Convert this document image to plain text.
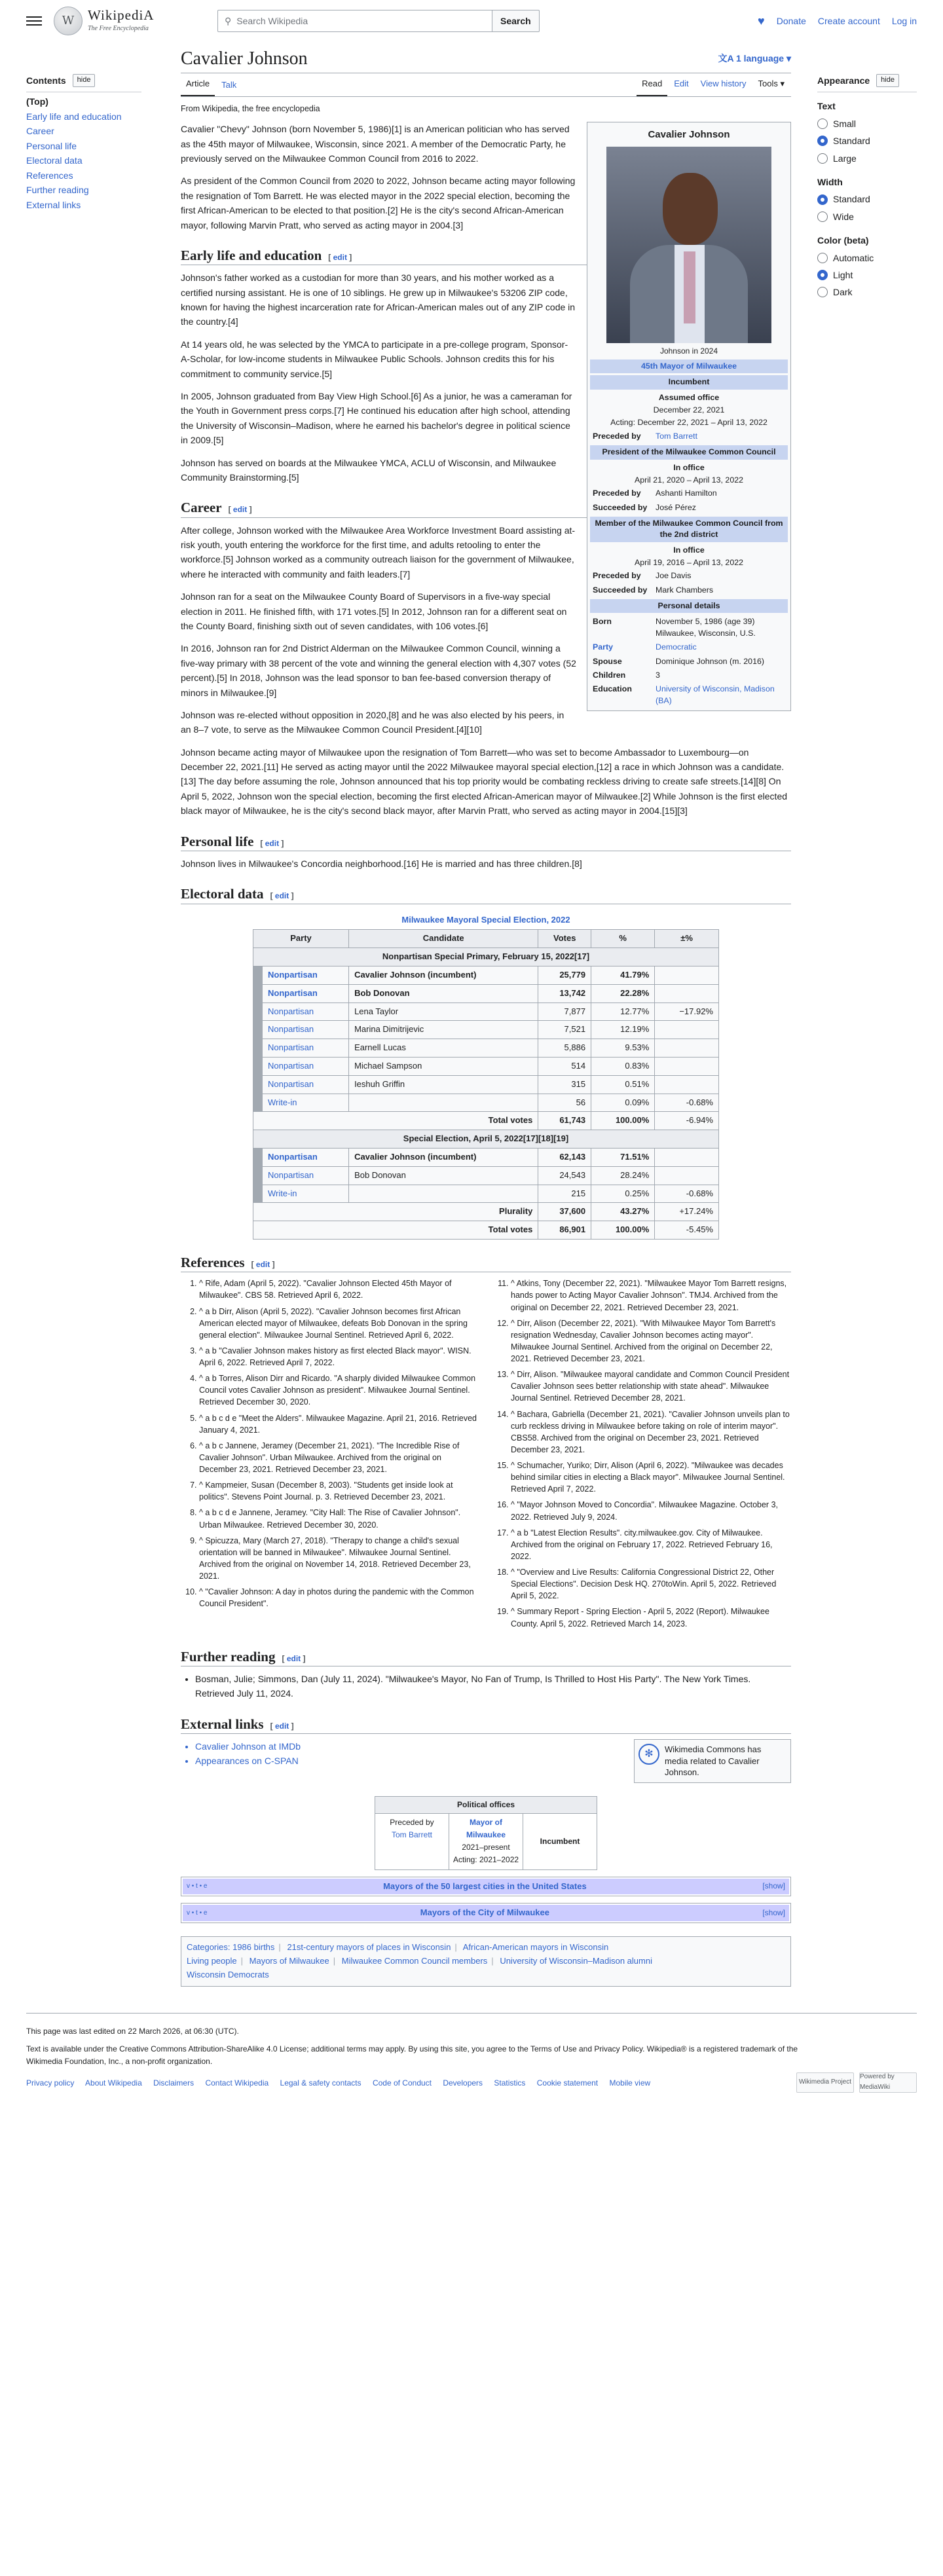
W WikipediA
The Free Encyclopedia
⚲ Search Wikipedia	Search	♥ Donate Create account Log in
Contents	hide
(Top)
Early life and education
Career
Personal life
Electoral data
References
Further reading
External links
Cavalier Johnson	文A 1 language ▾
Article	Talk	Read	Edit	View history	Tools ▾
From Wikipedia, the free encyclopedia
Cavalier Johnson
Johnson in 2024
45th Mayor of Milwaukee
Incumbent
Assumed office
December 22, 2021
Acting: December 22, 2021 – April 13, 2022
Preceded by	Tom Barrett
President of the Milwaukee Common Council
In office
April 21, 2020 – April 13, 2022
Preceded by	Ashanti Hamilton
Succeeded by	José Pérez
Member of the Milwaukee Common Council from the 2nd district
In office
April 19, 2016 – April 13, 2022
Preceded by	Joe Davis
Succeeded by	Mark Chambers
Personal details
Born	November 5, 1986 (age 39) Milwaukee, Wisconsin, U.S.
Party	Democratic
Spouse	Dominique Johnson (m. 2016)
Children	3
Education	University of Wisconsin, Madison (BA)

Cavalier "Chevy" Johnson (born November 5, 1986)[1] is an American politician who has served as the 45th mayor of Milwaukee, Wisconsin, since 2021. A member of the Democratic Party, he previously served on the Milwaukee Common Council from 2016 to 2022.

As president of the Common Council from 2020 to 2022, Johnson became acting mayor following the resignation of Tom Barrett. He was elected mayor in the 2022 special election, becoming the first African-American to be elected to that position.[2] He is the city's second African-American mayor, following Marvin Pratt, who served as acting mayor in 2004.[3]

Early life and education [ edit ]

Johnson's father worked as a custodian for more than 30 years, and his mother worked as a certified nursing assistant. He is one of 10 siblings. He grew up in Milwaukee's 53206 ZIP code, known for having the highest incarceration rate for African-American males out of any ZIP code in the country.[4]

At 14 years old, he was selected by the YMCA to participate in a pre-college program, Sponsor-A-Scholar, for low-income students in Milwaukee Public Schools. Johnson credits this for his commitment to community service.[5]

In 2005, Johnson graduated from Bay View High School.[6] As a junior, he was a cameraman for the Youth in Government press corps.[7] He continued his education after high school, attending the University of Wisconsin–Madison, where he earned his bachelor's degree in political science in 2009.[5]

Johnson has served on boards at the Milwaukee YMCA, ACLU of Wisconsin, and Milwaukee Community Brainstorming.[5]

Career [ edit ]

After college, Johnson worked with the Milwaukee Area Workforce Investment Board assisting at-risk youth, youth entering the workforce for the first time, and adults retooling to enter the workforce.[5] Johnson worked as a community outreach liaison for the government of Milwaukee, where he interacted with community and faith leaders.[7]

Johnson ran for a seat on the Milwaukee County Board of Supervisors in a five-way special election in 2011. He finished fifth, with 171 votes.[5] In 2012, Johnson ran for a different seat on the County Board, finishing sixth out of seven candidates, with 106 votes.[6]

In 2016, Johnson ran for 2nd District Alderman on the Milwaukee Common Council, winning a five-way primary with 38 percent of the vote and winning the general election with 4,307 votes (52 percent).[5] In 2018, Johnson was the lead sponsor to ban fee-based conversion therapy of minors in Milwaukee.[9]

Johnson was re-elected without opposition in 2020,[8] and he was also elected by his peers, in an 8–7 vote, to serve as the Milwaukee Common Council President.[4][10]

Johnson became acting mayor of Milwaukee upon the resignation of Tom Barrett—who was set to become Ambassador to Luxembourg—on December 22, 2021.[11] He served as acting mayor until the 2022 Milwaukee mayoral special election,[12] a race in which Johnson was a candidate.[13] The day before assuming the role, Johnson announced that his top priority would be combating reckless driving to create safe streets.[14][8] On April 5, 2022, Johnson won the special election, becoming the first elected African-American mayor of Milwaukee.[2] While Johnson is the first elected black mayor of Milwaukee, he is the city's second black mayor, after Marvin Pratt, who served as acting mayor in 2004.[15][3]

Personal life [ edit ]

Johnson lives in Milwaukee's Concordia neighborhood.[16] He is married and has three children.[8]

Electoral data [ edit ]
Milwaukee Mayoral Special Election, 2022
Party		Candidate	Votes	%	±%
Nonpartisan Special Primary, February 15, 2022[17]					
	Nonpartisan	Cavalier Johnson (incumbent)	25,779	41.79%	
	Nonpartisan	Bob Donovan	13,742	22.28%	
	Nonpartisan	Lena Taylor	7,877	12.77%	−17.92%
	Nonpartisan	Marina Dimitrijevic	7,521	12.19%	
	Nonpartisan	Earnell Lucas	5,886	9.53%	
	Nonpartisan	Michael Sampson	514	0.83%	
	Nonpartisan	Ieshuh Griffin	315	0.51%	
	Write-in		56	0.09%	-0.68%
Total votes			61,743	100.00%	-6.94%
Special Election, April 5, 2022[17][18][19]					
	Nonpartisan	Cavalier Johnson (incumbent)	62,143	71.51%	
	Nonpartisan	Bob Donovan	24,543	28.24%	
	Write-in		215	0.25%	-0.68%
Plurality			37,600	43.27%	+17.24%
Total votes			86,901	100.00%	-5.45%
References [ edit ]
1. ^ Rife, Adam (April 5, 2022). "Cavalier Johnson Elected 45th Mayor of Milwaukee". CBS 58. Retrieved April 6, 2022.
2. ^ a b Dirr, Alison (April 5, 2022). "Cavalier Johnson becomes first African American elected mayor of Milwaukee, defeats Bob Donovan in the spring general election". Milwaukee Journal Sentinel. Retrieved April 6, 2022.
3. ^ a b "Cavalier Johnson makes history as first elected Black mayor". WISN. April 6, 2022. Retrieved April 7, 2022.
4. ^ a b Torres, Alison Dirr and Ricardo. "A sharply divided Milwaukee Common Council votes Cavalier Johnson as president". Milwaukee Journal Sentinel. Retrieved December 30, 2020.
5. ^ a b c d e "Meet the Alders". Milwaukee Magazine. April 21, 2016. Retrieved January 4, 2021.
6. ^ a b c Jannene, Jeramey (December 21, 2021). "The Incredible Rise of Cavalier Johnson". Urban Milwaukee. Archived from the original on December 23, 2021. Retrieved December 23, 2021.
7. ^ Kampmeier, Susan (December 8, 2003). "Students get inside look at politics". Stevens Point Journal. p. 3. Retrieved December 23, 2021.
8. ^ a b c d e Jannene, Jeramey. "City Hall: The Rise of Cavalier Johnson". Urban Milwaukee. Retrieved December 30, 2020.
9. ^ Spicuzza, Mary (March 27, 2018). "Therapy to change a child's sexual orientation will be banned in Milwaukee". Milwaukee Journal Sentinel. Archived from the original on November 14, 2018. Retrieved December 23, 2021.
10. ^ "Cavalier Johnson: A day in photos during the pandemic with the Common Council President".
11. ^ Atkins, Tony (December 22, 2021). "Milwaukee Mayor Tom Barrett resigns, hands power to Acting Mayor Cavalier Johnson". TMJ4. Archived from the original on December 22, 2021. Retrieved December 23, 2021.
12. ^ Dirr, Alison (December 22, 2021). "With Milwaukee Mayor Tom Barrett's resignation Wednesday, Cavalier Johnson becomes acting mayor". Milwaukee Journal Sentinel. Archived from the original on December 22, 2021. Retrieved December 23, 2021.
13. ^ Dirr, Alison. "Milwaukee mayoral candidate and Common Council President Cavalier Johnson sees better relationship with state ahead". Milwaukee Journal Sentinel. Retrieved December 28, 2021.
14. ^ Bachara, Gabriella (December 21, 2021). "Cavalier Johnson unveils plan to curb reckless driving in Milwaukee before taking on role of interim mayor". CBS58. Archived from the original on December 23, 2021. Retrieved December 23, 2021.
15. ^ Schumacher, Yuriko; Dirr, Alison (April 6, 2022). "Milwaukee was decades behind similar cities in electing a Black mayor". Milwaukee Journal Sentinel. Retrieved April 7, 2022.
16. ^ "Mayor Johnson Moved to Concordia". Milwaukee Magazine. October 3, 2022. Retrieved July 9, 2024.
17. ^ a b "Latest Election Results". city.milwaukee.gov. City of Milwaukee. Archived from the original on February 17, 2022. Retrieved February 16, 2022.
18. ^ "Overview and Live Results: California Congressional District 22, Other Special Elections". Decision Desk HQ. 270toWin. April 5, 2022. Retrieved April 5, 2022.
19. ^ Summary Report - Spring Election - April 5, 2022 (Report). Milwaukee County. April 5, 2022. Retrieved March 14, 2023.
Further reading [ edit ]
• Bosman, Julie; Simmons, Dan (July 11, 2024). "Milwaukee's Mayor, No Fan of Trump, Is Thrilled to Host His Party". The New York Times. Retrieved July 11, 2024.
External links [ edit ]
✻	Wikimedia Commons has media related to Cavalier Johnson.
• Cavalier Johnson at IMDb
• Appearances on C-SPAN
Political offices
Preceded by
Tom Barrett
Mayor of Milwaukee
2021–present
Acting: 2021–2022
Incumbent
v • t • e	Mayors of the 50 largest cities in the United States	[show]
v • t • e	Mayors of the City of Milwaukee	[show]
Categories: 1986 births | 21st-century mayors of places in Wisconsin | African-American mayors in Wisconsin
Living people | Mayors of Milwaukee | Milwaukee Common Council members | University of Wisconsin–Madison alumni
Wisconsin Democrats
Appearance	hide
Text
Small
Standard
Large
Width
Standard
Wide
Color (beta)
Automatic
Light
Dark
This page was last edited on 22 March 2026, at 06:30 (UTC).
Text is available under the Creative Commons Attribution-ShareAlike 4.0 License; additional terms may apply. By using this site, you agree to the Terms of Use and Privacy Policy. Wikipedia® is a registered trademark of the Wikimedia Foundation, Inc., a non-profit organization.
Privacy policy About Wikipedia Disclaimers Contact Wikipedia Legal & safety contacts Code of Conduct Developers Statistics Cookie statement Mobile view	Wikimedia Project
Powered by MediaWiki
